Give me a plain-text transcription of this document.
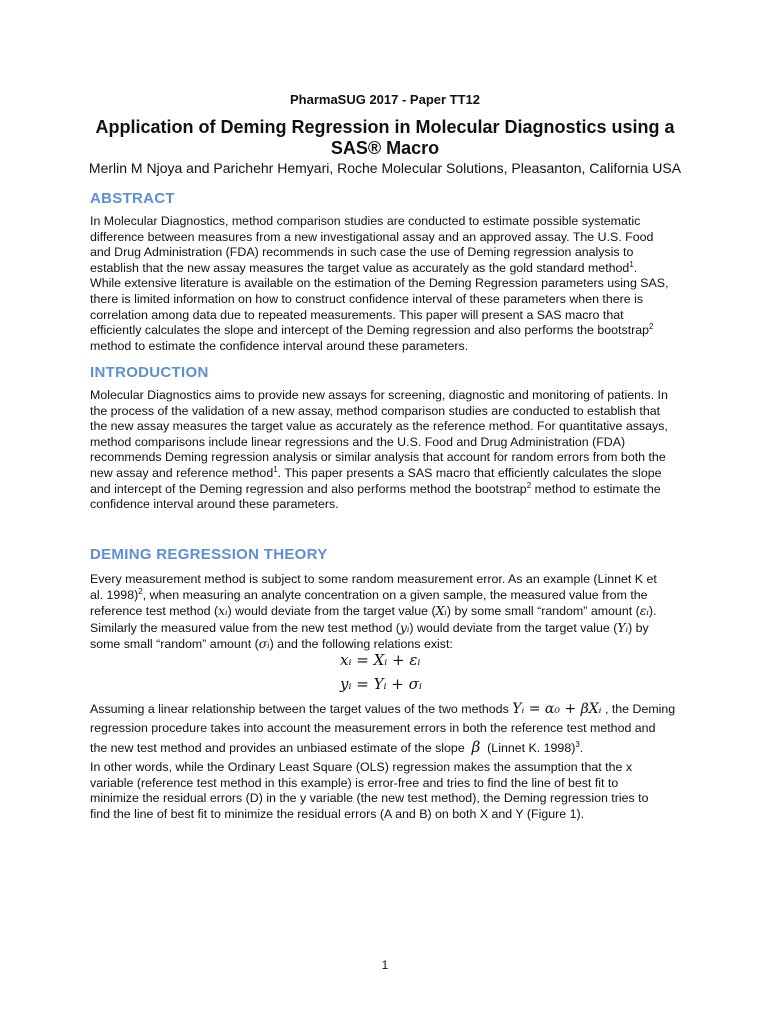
PharmaSUG 2017 - Paper TT12
Application of Deming Regression in Molecular Diagnostics using a SAS® Macro
Merlin M Njoya and Parichehr Hemyari, Roche Molecular Solutions, Pleasanton, California USA
ABSTRACT
In Molecular Diagnostics, method comparison studies are conducted to estimate possible systematic
difference between measures from a new investigational assay and an approved assay. The U.S. Food
and Drug Administration (FDA) recommends in such case the use of Deming regression analysis to
establish that the new assay measures the target value as accurately as the gold standard method$^1$.
While extensive literature is available on the estimation of the Deming Regression parameters using SAS,
there is limited information on how to construct confidence interval of these parameters when there is
correlation among data due to repeated measurements. This paper will present a SAS macro that
efficiently calculates the slope and intercept of the Deming regression and also performs the bootstrap$^2$
method to estimate the confidence interval around these parameters.
INTRODUCTION
Molecular Diagnostics aims to provide new assays for screening, diagnostic and monitoring of patients. In
the process of the validation of a new assay, method comparison studies are conducted to establish that
the new assay measures the target value as accurately as the reference method. For quantitative assays,
method comparisons include linear regressions and the U.S. Food and Drug Administration (FDA)
recommends Deming regression analysis or similar analysis that account for random errors from both the
new assay and reference method$^1$. This paper presents a SAS macro that efficiently calculates the slope
and intercept of the Deming regression and also performs method the bootstrap$^2$ method to estimate the
confidence interval around these parameters.
DEMING REGRESSION THEORY
Every measurement method is subject to some random measurement error. As an example (Linnet K et
al. 1998)$^2$, when measuring an analyte concentration on a given sample, the measured value from the
reference test method (xᵢ) would deviate from the target value (Xᵢ) by some small “random” amount (εᵢ).
Similarly the measured value from the new test method (yᵢ) would deviate from the target value (Yᵢ) by
some small “random” amount (σᵢ) and the following relations exist:
xᵢ = Xᵢ + εᵢ
yᵢ = Yᵢ + σᵢ
Assuming a linear relationship between the target values of the two methods Yᵢ = α₀ + βXᵢ , the Deming
regression procedure takes into account the measurement errors in both the reference test method and
the new test method and provides an unbiased estimate of the slope β (Linnet K. 1998)$^3$.
In other words, while the Ordinary Least Square (OLS) regression makes the assumption that the x
variable (reference test method in this example) is error-free and tries to find the line of best fit to
minimize the residual errors (D) in the y variable (the new test method), the Deming regression tries to
find the line of best fit to minimize the residual errors (A and B) on both X and Y (Figure 1).
1
